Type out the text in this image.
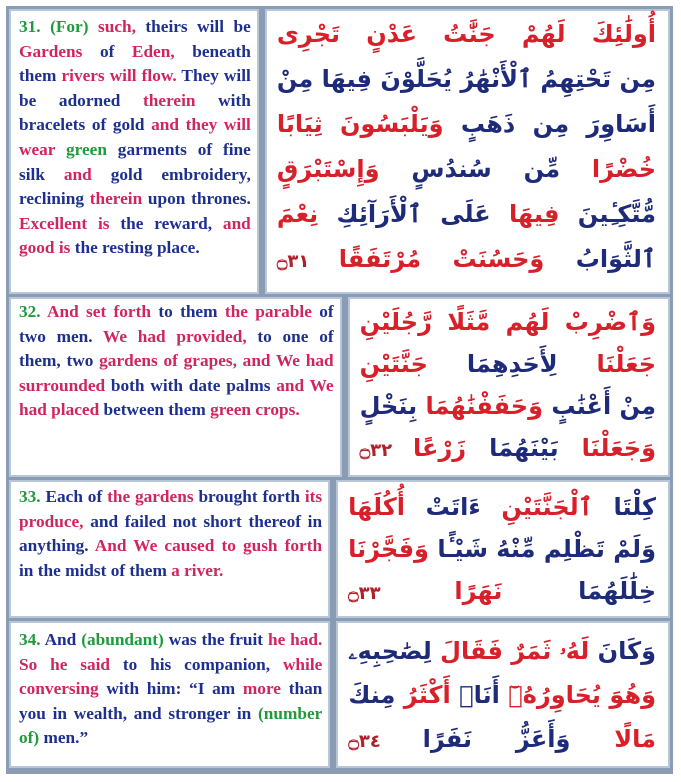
31. (For) such, theirs will be Gardens of Eden, beneath them rivers will flow. They will be adorned therein with bracelets of gold and they will wear green garments of fine silk and gold embroidery, reclining therein upon thrones. Excellent is the reward, and good is the resting place.
أُولَٰئِكَ لَهُمْ جَنَّٰتُ عَدْنٍ تَجْرِى
مِن تَحْتِهِمُ ٱلْأَنْهَٰرُ يُحَلَّوْنَ فِيهَا مِنْ
أَسَاوِرَ مِن ذَهَبٍ وَيَلْبَسُونَ ثِيَابًا
خُضْرًا مِّن سُندُسٍ وَإِسْتَبْرَقٍ
مُّتَّكِـِٔينَ فِيهَا عَلَى ٱلْأَرَآئِكِ نِعْمَ
ٱلثَّوَابُ وَحَسُنَتْ مُرْتَفَقًا ۝٣١
32. And set forth to them the parable of two men. We had provided, to one of them, two gardens of grapes, and We had surrounded both with date palms and We had placed between them green crops.
وَٱضْرِبْ لَهُم مَّثَلًا رَّجُلَيْنِ
جَعَلْنَا لِأَحَدِهِمَا جَنَّتَيْنِ
مِنْ أَعْنَٰبٍ وَحَفَفْنَٰهُمَا بِنَخْلٍ
وَجَعَلْنَا بَيْنَهُمَا زَرْعًا ۝٣٢
33. Each of the gardens brought forth its produce, and failed not short thereof in anything. And We caused to gush forth in the midst of them a river.
كِلْتَا ٱلْجَنَّتَيْنِ ءَاتَتْ أُكُلَهَا
وَلَمْ تَظْلِم مِّنْهُ شَيْـًٔا وَفَجَّرْنَا
خِلَٰلَهُمَا نَهَرًا ۝٣٣
34. And (abundant) was the fruit he had. So he said to his companion, while conversing with him: “I am more than you in wealth, and stronger in (number of) men.”
وَكَانَ لَهُۥ ثَمَرٌ فَقَالَ لِصَٰحِبِهِۦ
وَهُوَ يُحَاوِرُهُۥٓ أَنَا۠ أَكْثَرُ مِنكَ
مَالًا وَأَعَزُّ نَفَرًا ۝٣٤
